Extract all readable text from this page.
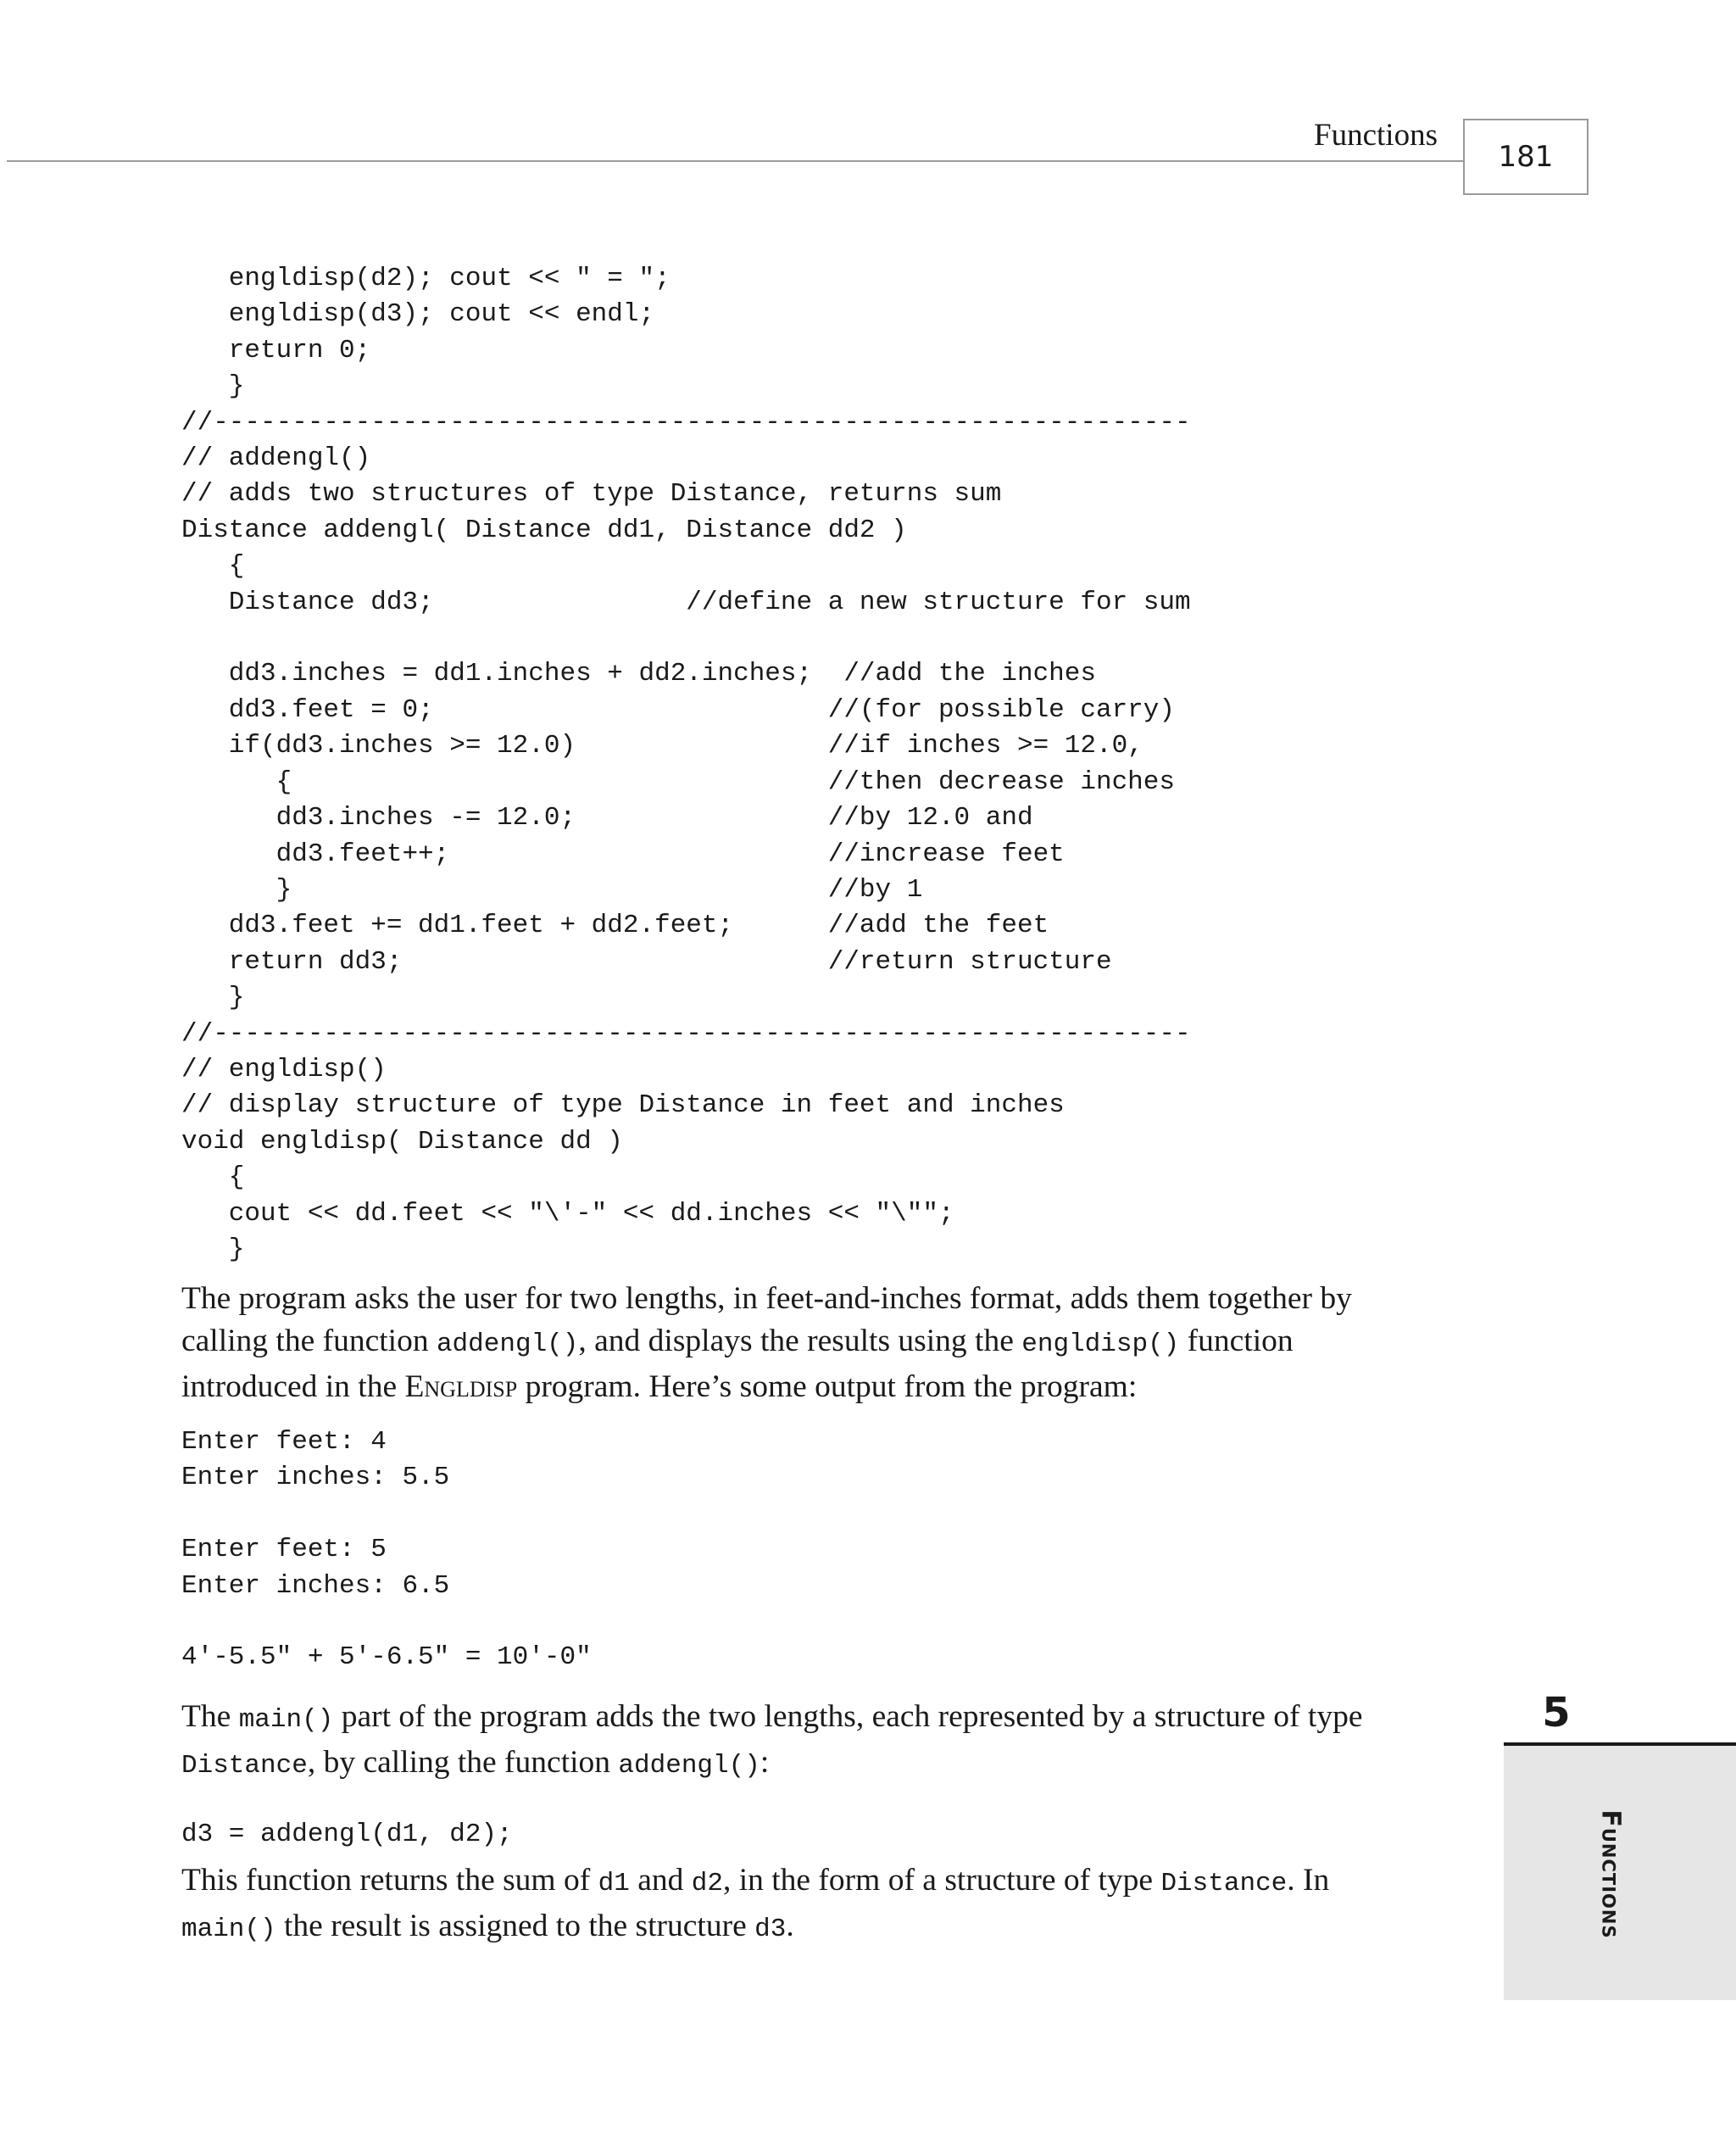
Functions
181
engldisp(d2); cout << " = ";
engldisp(d3); cout << endl;
return 0;
}
//--------------------------------------------------------------
// addengl()
// adds two structures of type Distance, returns sum
Distance addengl( Distance dd1, Distance dd2 )
{
Distance dd3;                //define a new structure for sum

dd3.inches = dd1.inches + dd2.inches;  //add the inches
dd3.feet = 0;                         //(for possible carry)
if(dd3.inches >= 12.0)                //if inches >= 12.0,
{                                  //then decrease inches
dd3.inches -= 12.0;                //by 12.0 and
dd3.feet++;                        //increase feet
}                                  //by 1
dd3.feet += dd1.feet + dd2.feet;      //add the feet
return dd3;                           //return structure
}
//--------------------------------------------------------------
// engldisp()
// display structure of type Distance in feet and inches
void engldisp( Distance dd )
{
cout << dd.feet << "\'-" << dd.inches << "\"";
}

The program asks the user for two lengths, in feet-and-inches format, adds them together by calling the function addengl(), and displays the results using the engldisp() function introduced in the Engldisp program. Here’s some output from the program:

Enter feet: 4
Enter inches: 5.5

Enter feet: 5
Enter inches: 6.5

4'-5.5" + 5'-6.5" = 10'-0"

The main() part of the program adds the two lengths, each represented by a structure of type Distance, by calling the function addengl():

d3 = addengl(d1, d2);

This function returns the sum of d1 and d2, in the form of a structure of type Distance. In main() the result is assigned to the structure d3.

5
Functions
